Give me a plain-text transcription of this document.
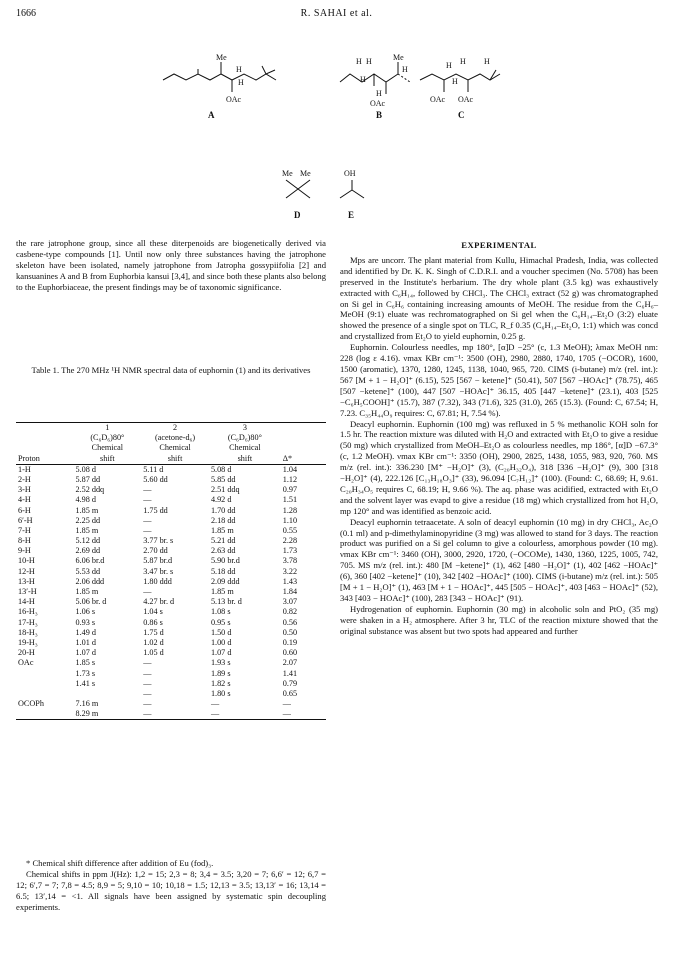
1666	R. SAHAI et al.
Me
H
H
OAc
H H
H
H
OAc
Me
H	H H H
H
OAc OAc
Me Me	OH
A	B	C
D	E

the rare jatrophone group, since all these diterpenoids are biogenetically derived via casbene-type compounds [1]. Until now only three substances having the jatrophone skeleton have been isolated, namely jatrophone from Jatropha gossypiifolia [2] and kansuanines A and B from Euphorbia kansui [3,4], and since both these plants also belong to the Euphorbiaceae, the present findings may be of taxonomic significance.

Table 1. The 270 MHz ¹H NMR spectral data of euphornin (1) and its derivatives
	1	2	3	
	(C₆D₆)80°	(acetone-d₆)	(C₆D₆)80°	
	Chemical	Chemical	Chemical	
Proton	shift	shift	shift	Δ*
1-H	5.08 d	5.11 d	5.08 d	1.04
2-H	5.87 dd	5.60 dd	5.85 dd	1.12
3-H	2.52 ddq	—	2.51 ddq	0.97
4-H	4.98 d	—	4.92 d	1.51
6-H	1.85 m	1.75 dd	1.70 dd	1.28
6′-H	2.25 dd	—	2.18 dd	1.10
7-H	1.85 m	—	1.85 m	0.55
8-H	5.12 dd	3.77 br. s	5.21 dd	2.28
9-H	2.69 dd	2.70 dd	2.63 dd	1.73
10-H	6.06 br.d	5.87 br.d	5.90 br.d	3.78
12-H	5.53 dd	3.47 br. s	5.18 dd	3.22
13-H	2.06 ddd	1.80 ddd	2.09 ddd	1.43
13′-H	1.85 m	—	1.85 m	1.84
14-H	5.06 br. d	4.27 br. d	5.13 br. d	3.07
16-H₃	1.06 s	1.04 s	1.08 s	0.82
17-H₃	0.93 s	0.86 s	0.95 s	0.56
18-H₃	1.49 d	1.75 d	1.50 d	0.50
19-H₃	1.01 d	1.02 d	1.00 d	0.19
20-H	1.07 d	1.05 d	1.07 d	0.60
OAc	1.85 s	—	1.93 s	2.07
	1.73 s	—	1.89 s	1.41
	1.41 s	—	1.82 s	0.79
		—	1.80 s	0.65
OCOPh	7.16 m	—	—	—
	8.29 m	—	—	—

* Chemical shift difference after addition of Eu (fod)₃.

Chemical shifts in ppm J(Hz): 1,2 = 15; 2,3 = 8; 3,4 = 3.5; 3,20 = 7; 6,6′ = 12; 6,7 = 12; 6′,7 = 7; 7,8 = 4.5; 8,9 = 5; 9,10 = 10; 10,18 = 1.5; 12,13 = 3.5; 13,13′ = 16; 13,14 = 6.5; 13′,14 = <1. All signals have been assigned by systematic spin decoupling experiments.

EXPERIMENTAL

Mps are uncorr. The plant material from Kullu, Himachal Pradesh, India, was collected and identified by Dr. K. K. Singh of C.D.R.I. and a voucher specimen (No. 5708) has been preserved in the Institute's herbarium. The dry whole plant (3.5 kg) was exhaustively extracted with C₆H₁₄, followed by CHCl₃. The CHCl₃ extract (52 g) was chromatographed on Si gel in C₆H₆ containing increasing amounts of MeOH. The residue from the C₆H₆–MeOH (9:1) eluate was rechromatographed on Si gel when the C₆H₁₄–Et₂O (3:2) eluate showed the presence of a single spot on TLC, R_f 0.35 (C₆H₁₄–Et₂O, 1:1) which was concd and crystallized from Et₂O to yield euphornin, 0.25 g.

Euphornin. Colourless needles, mp 180°, [α]D −25° (c, 1.3 MeOH); λmax MeOH nm: 228 (log ε 4.16). νmax KBr cm⁻¹: 3500 (OH), 2980, 2880, 1740, 1705 (−OCOR), 1600, 1500 (aromatic), 1370, 1280, 1245, 1138, 1040, 965, 720. CIMS (i-butane) m/z (rel. int.): 567 [M + 1 − H₂O]⁺ (6.15), 525 [567 − ketene]⁺ (50.41), 507 [567 −HOAc]⁺ (78.75), 465 [507 −ketene]⁺ (100), 447 [507 −HOAc]⁺ 36.15, 405 [447 −ketene]⁺ (23.1), 403 [525 −C₆H₅COOH]⁺ (15.7), 387 (7.32), 343 (71.6), 325 (31.0), 265 (15.3). (Found: C, 67.54; H, 7.23. C₃₅H₄₄O₉ requires: C, 67.81; H, 7.54 %).

Deacyl euphornin. Euphornin (100 mg) was refluxed in 5 % methanolic KOH soln for 1.5 hr. The reaction mixture was diluted with H₂O and extracted with Et₂O to give a residue (50 mg) which crystallized from MeOH–Et₂O as colourless needles, mp 186°, [α]D −67.3° (c, 1.2 MeOH). νmax KBr cm⁻¹: 3350 (OH), 2900, 2825, 1438, 1055, 983, 920, 760. MS m/z (rel. int.): 336.230 [M⁺ −H₂O]⁺ (3), (C₂₀H₃₂O₄), 318 [336 −H₂O]⁺ (9), 300 [318 −H₂O]⁺ (4), 222.126 [C₁₃H₁₈O₃]⁺ (33), 96.094 [C₇H₁₂]⁺ (100). (Found: C, 68.69; H, 9.61. C₂₀H₃₄O₅ requires C, 68.19; H, 9.66 %). The aq. phase was acidified, extracted with Et₂O and the solvent layer was evapd to give a residue (18 mg) which crystallized from hot H₂O, mp 120° and was identified as benzoic acid.

Deacyl euphornin tetraacetate. A soln of deacyl euphornin (10 mg) in dry CHCl₃, Ac₂O (0.1 ml) and p-dimethylaminopyridine (3 mg) was allowed to stand for 3 days. The reaction product was purified on a Si gel column to give a colourless, amorphous powder (10 mg). νmax KBr cm⁻¹: 3460 (OH), 3000, 2920, 1720, (−OCOMe), 1430, 1360, 1225, 1005, 742, 705. MS m/z (rel. int.): 480 [M −ketene]⁺ (1), 462 [480 −H₂O]⁺ (1), 402 [462 −HOAc]⁺ (6), 360 [402 −ketene]⁺ (10), 342 [402 −HOAc]⁺ (100). CIMS (i-butane) m/z (rel. int.): 505 [M + 1 − H₂O]⁺ (1), 463 [M + 1 − HOAc]⁺, 445 [505 − HOAc]⁺, 403 [463 − HOAc]⁺ (52), 343 [403 − HOAc]⁺ (100), 283 [343 − HOAc]⁺ (91).

Hydrogenation of euphornin. Euphornin (30 mg) in alcoholic soln and PtO₂ (35 mg) were shaken in a H₂ atmosphere. After 3 hr, TLC of the reaction mixture showed that the original substance was absent but two spots had appeared and further
